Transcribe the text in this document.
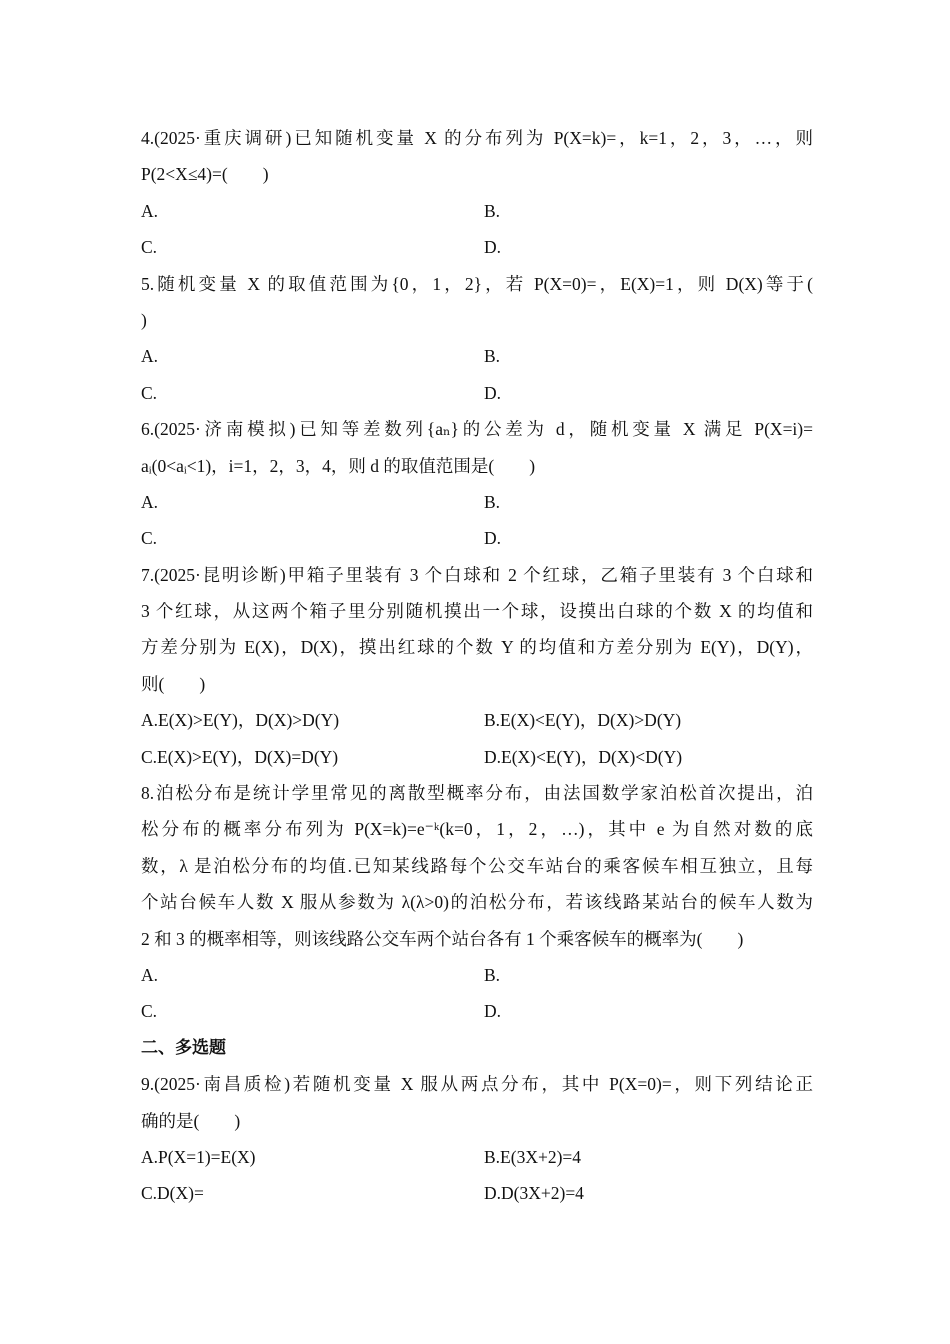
4.(2025·重庆调研)已知随机变量 X 的分布列为 P(X=k)=，k=1，2，3，…，则
P(2<X≤4)=(　　)
A.	B.
C.	D.
5.随机变量 X 的取值范围为{0，1，2}，若 P(X=0)=，E(X)=1，则 D(X)等于(
)
A.	B.
C.	D.
6.(2025·济南模拟)已知等差数列{aₙ}的公差为 d，随机变量 X 满足 P(X=i)=
aᵢ(0<aᵢ<1)，i=1，2，3，4，则 d 的取值范围是(　　)
A.	B.
C.	D.
7.(2025·昆明诊断)甲箱子里装有 3 个白球和 2 个红球，乙箱子里装有 3 个白球和
3 个红球，从这两个箱子里分别随机摸出一个球，设摸出白球的个数 X 的均值和
方差分别为 E(X)，D(X)，摸出红球的个数 Y 的均值和方差分别为 E(Y)，D(Y)，
则(　　)
A.E(X)>E(Y)，D(X)>D(Y)	B.E(X)<E(Y)，D(X)>D(Y)
C.E(X)>E(Y)，D(X)=D(Y)	D.E(X)<E(Y)，D(X)<D(Y)
8.泊松分布是统计学里常见的离散型概率分布，由法国数学家泊松首次提出，泊
松分布的概率分布列为 P(X=k)=e⁻ᵏ(k=0，1，2，…)，其中 e 为自然对数的底
数，λ 是泊松分布的均值.已知某线路每个公交车站台的乘客候车相互独立，且每
个站台候车人数 X 服从参数为 λ(λ>0)的泊松分布，若该线路某站台的候车人数为
2 和 3 的概率相等，则该线路公交车两个站台各有 1 个乘客候车的概率为(　　)
A.	B.
C.	D.
二、多选题
9.(2025·南昌质检)若随机变量 X 服从两点分布，其中 P(X=0)=，则下列结论正
确的是(　　)
A.P(X=1)=E(X)	B.E(3X+2)=4
C.D(X)=	D.D(3X+2)=4
